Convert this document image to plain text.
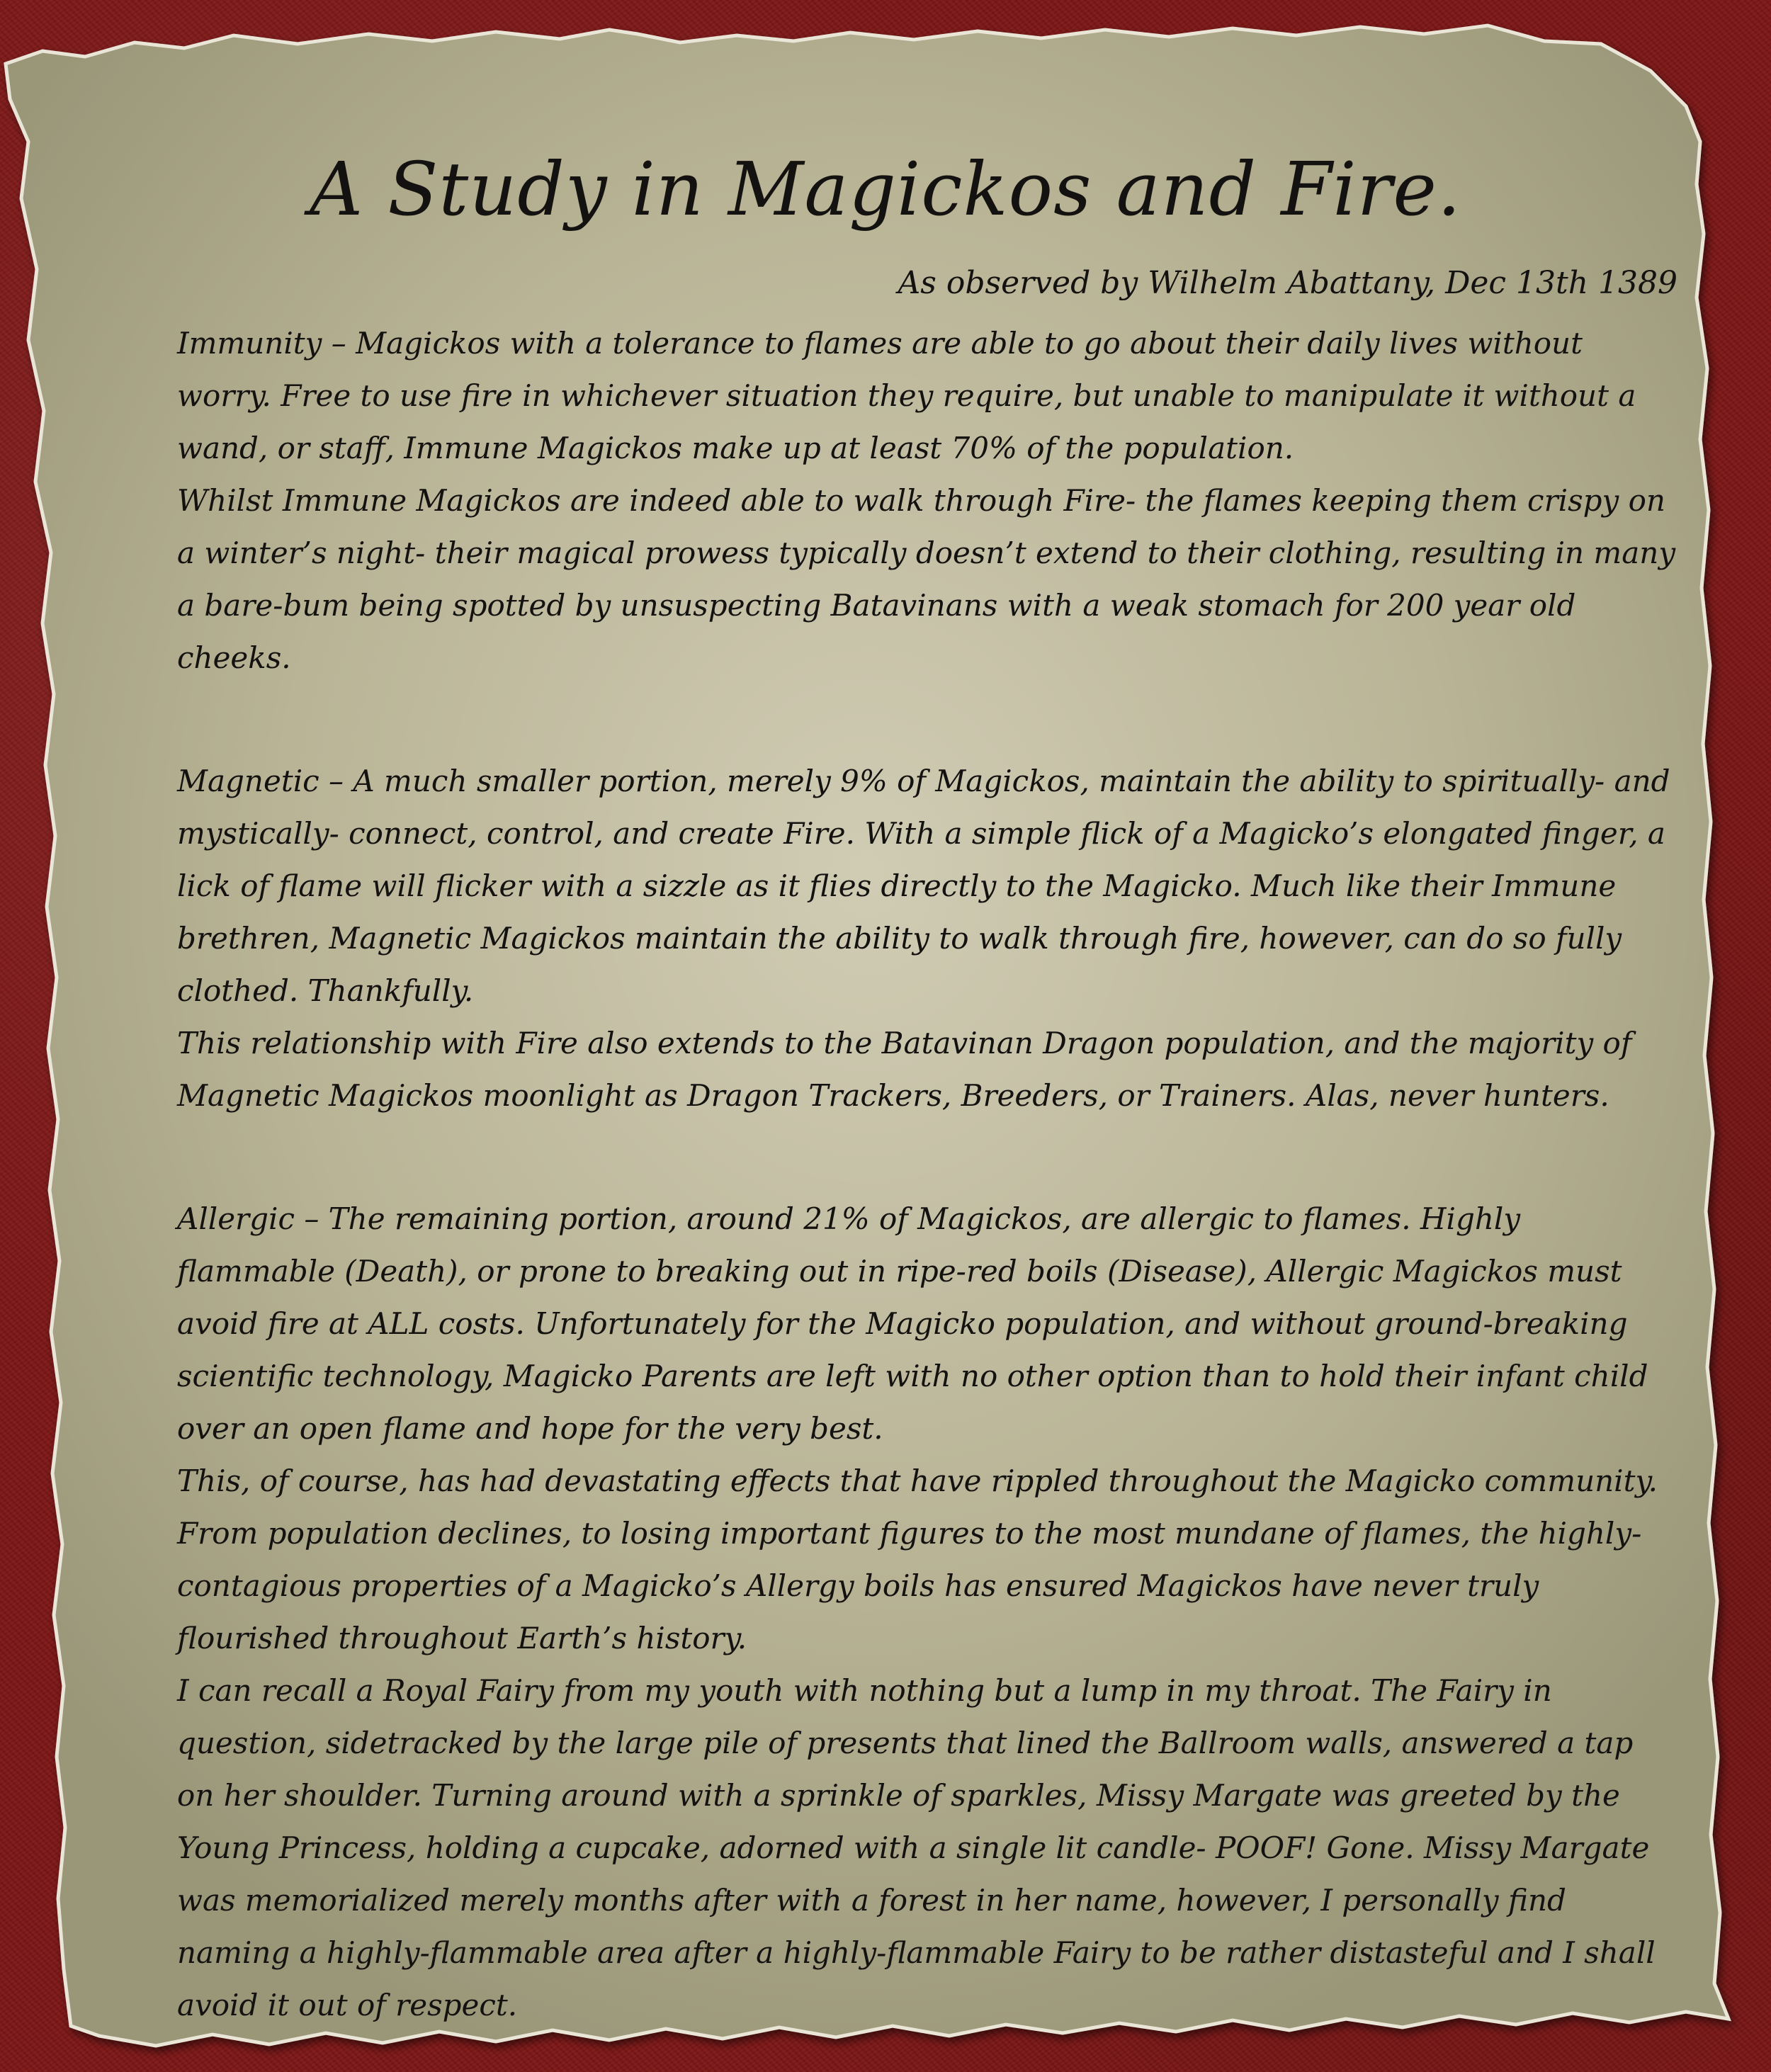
A Study in Magickos and Fire.

As observed by Wilhelm Abattany, Dec 13th 1389

Immunity – Magickos with a tolerance to flames are able to go about their daily lives without worry. Free to use fire in whichever situation they require, but unable to manipulate it without a wand, or staff, Immune Magickos make up at least 70% of the population.

Whilst Immune Magickos are indeed able to walk through Fire- the flames keeping them crispy on a winter’s night- their magical prowess typically doesn’t extend to their clothing, resulting in many a bare-bum being spotted by unsuspecting Batavinans with a weak stomach for 200 year old cheeks.

Magnetic – A much smaller portion, merely 9% of Magickos, maintain the ability to spiritually- and mystically- connect, control, and create Fire. With a simple flick of a Magicko’s elongated finger, a lick of flame will flicker with a sizzle as it flies directly to the Magicko. Much like their Immune brethren, Magnetic Magickos maintain the ability to walk through fire, however, can do so fully clothed. Thankfully.

This relationship with Fire also extends to the Batavinan Dragon population, and the majority of Magnetic Magickos moonlight as Dragon Trackers, Breeders, or Trainers. Alas, never hunters.

Allergic – The remaining portion, around 21% of Magickos, are allergic to flames. Highly flammable (Death), or prone to breaking out in ripe-red boils (Disease), Allergic Magickos must avoid fire at ALL costs. Unfortunately for the Magicko population, and without ground-breaking scientific technology, Magicko Parents are left with no other option than to hold their infant child over an open flame and hope for the very best.

This, of course, has had devastating effects that have rippled throughout the Magicko community. From population declines, to losing important figures to the most mundane of flames, the highly-contagious properties of a Magicko’s Allergy boils has ensured Magickos have never truly flourished throughout Earth’s history.

I can recall a Royal Fairy from my youth with nothing but a lump in my throat. The Fairy in question, sidetracked by the large pile of presents that lined the Ballroom walls, answered a tap on her shoulder. Turning around with a sprinkle of sparkles, Missy Margate was greeted by the Young Princess, holding a cupcake, adorned with a single lit candle- POOF! Gone. Missy Margate was memorialized merely months after with a forest in her name, however, I personally find naming a highly-flammable area after a highly-flammable Fairy to be rather distasteful and I shall avoid it out of respect.
